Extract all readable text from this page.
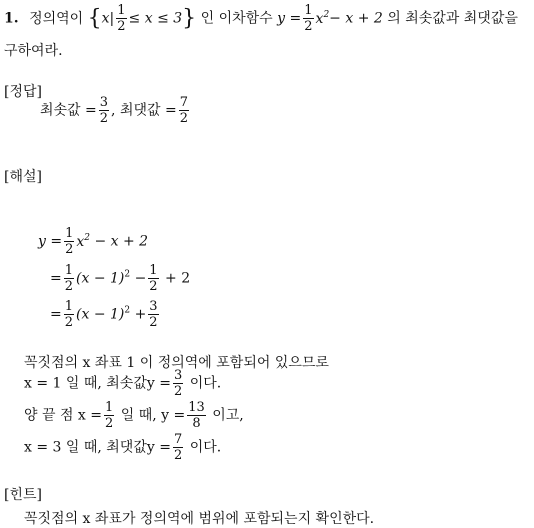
1. 정의역이 $\{x| \frac{1}{2} \le x \le 3\}$ 인 이차함수 $y = \frac{1}{2} x^2- x + 2$ 의 최솟값과 최댓값을
구하여라.
[정답]
최솟값 = $\frac{3}{2}$ , 최댓값 = $\frac{7}{2}$
[해설]
$y = \frac{1}{2} x^2 - x + 2$
= $\frac{1}{2} (x - 1)^2 - \frac{1}{2} + 2$
= $\frac{1}{2} (x - 1)^2 + \frac{3}{2}$
꼭짓점의 x 좌표 1 이 정의역에 포함되어 있으므로
x = 1 일 때, 최솟값$y = \frac{3}{2}$ 이다.
양 끝 점 $x = \frac{1}{2}$ 일 때, $y = \frac{13}{8}$ 이고,
x = 3 일 때, 최댓값$y = \frac{7}{2}$ 이다.
[힌트]
꼭짓점의 x 좌표가 정의역에 범위에 포함되는지 확인한다.
